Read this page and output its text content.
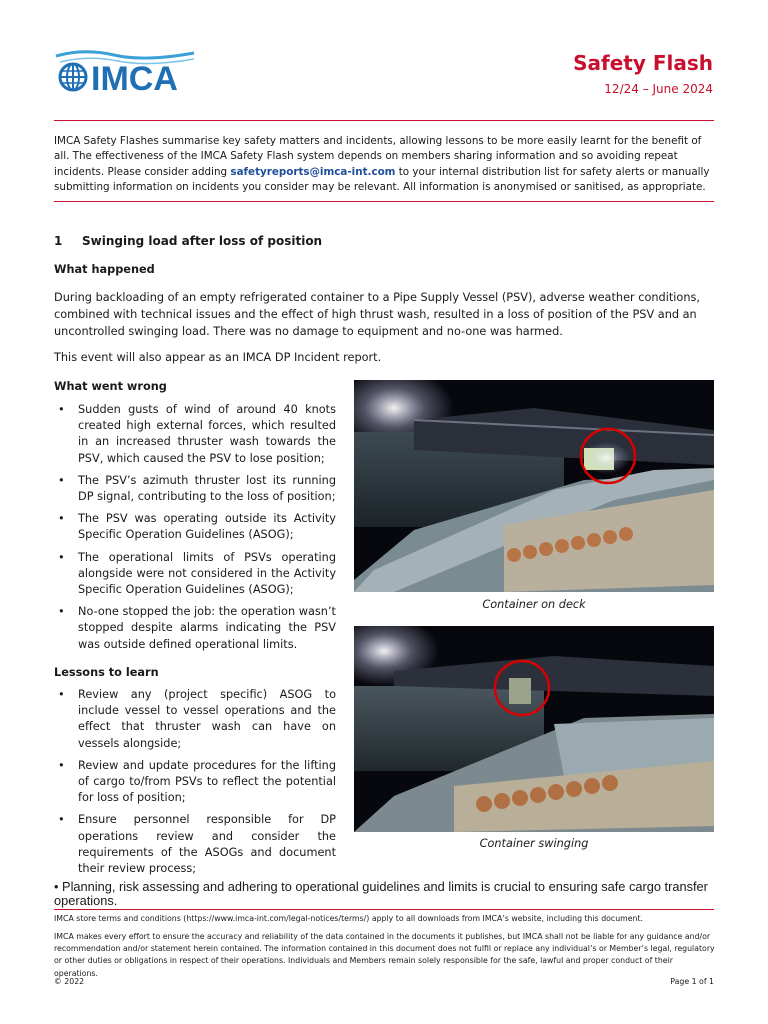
IMCA	Safety Flash
12/24 – June 2024
IMCA Safety Flashes summarise key safety matters and incidents, allowing lessons to be more easily learnt for the benefit of all. The effectiveness of the IMCA Safety Flash system depends on members sharing information and so avoiding repeat incidents. Please consider adding safetyreports@imca-int.com to your internal distribution list for safety alerts or manually submitting information on incidents you consider may be relevant. All information is anonymised or sanitised, as appropriate.
1 Swinging load after loss of position
What happened
During backloading of an empty refrigerated container to a Pipe Supply Vessel (PSV), adverse weather conditions, combined with technical issues and the effect of high thrust wash, resulted in a loss of position of the PSV and an uncontrolled swinging load. There was no damage to equipment and no-one was harmed.
This event will also appear as an IMCA DP Incident report.
What went wrong
• Sudden gusts of wind of around 40 knots created high external forces, which resulted in an increased thruster wash towards the PSV, which caused the PSV to lose position;
• The PSV’s azimuth thruster lost its running DP signal, contributing to the loss of position;
• The PSV was operating outside its Activity Specific Operation Guidelines (ASOG);
• The operational limits of PSVs operating alongside were not considered in the Activity Specific Operation Guidelines (ASOG);
• No-one stopped the job: the operation wasn’t stopped despite alarms indicating the PSV was outside defined operational limits.
Lessons to learn
• Review any (project specific) ASOG to include vessel to vessel operations and the effect that thruster wash can have on vessels alongside;
• Review and update procedures for the lifting of cargo to/from PSVs to reflect the potential for loss of position;
• Ensure personnel responsible for DP operations review and consider the requirements of the ASOGs and document their review process;
Container on deck
Container swinging
• Planning, risk assessing and adhering to operational guidelines and limits is crucial to ensuring safe cargo transfer operations.
IMCA store terms and conditions (https://www.imca-int.com/legal-notices/terms/) apply to all downloads from IMCA’s website, including this document.
IMCA makes every effort to ensure the accuracy and reliability of the data contained in the documents it publishes, but IMCA shall not be liable for any guidance and/or recommendation and/or statement herein contained. The information contained in this document does not fulfil or replace any individual’s or Member’s legal, regulatory or other duties or obligations in respect of their operations. Individuals and Members remain solely responsible for the safe, lawful and proper conduct of their operations.
© 2022	Page 1 of 1
